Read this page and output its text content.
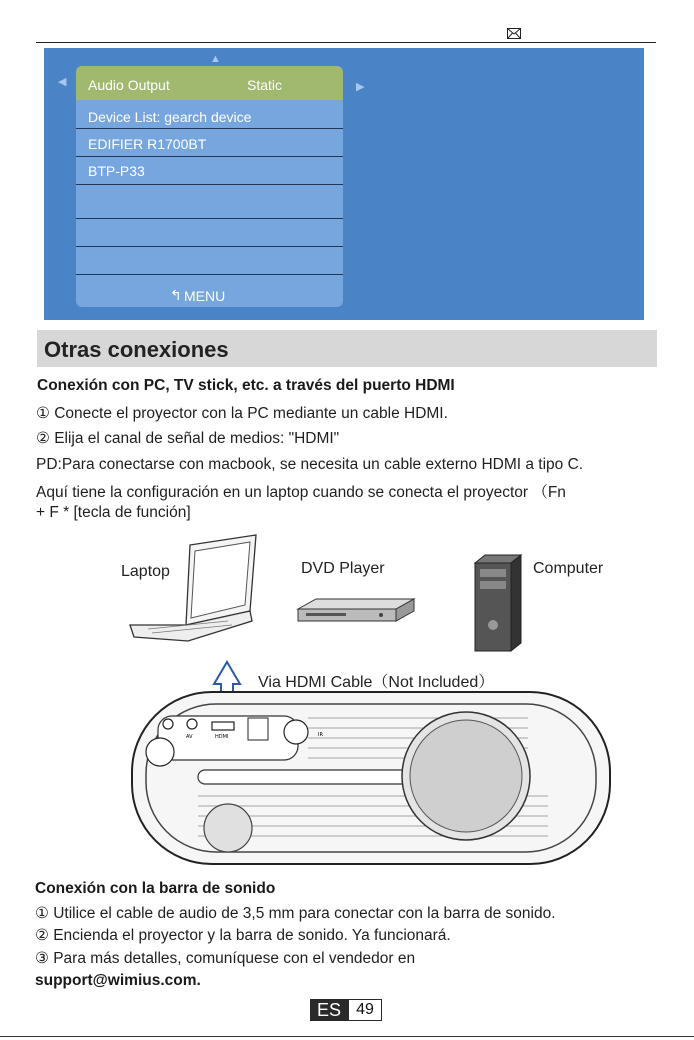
▲
◀	▶
Audio Output	Static
Device List: gearch device
EDIFIER R1700BT
BTP-P33
↰ MENU
Otras conexiones
Conexión con PC, TV stick, etc. a través del puerto HDMI
① Conecte el proyector con la PC mediante un cable HDMI.
② Elija el canal de señal de medios: "HDMI"
PD:Para conectarse con macbook, se necesita un cable externo HDMI a tipo C.
Aquí tiene la configuración en un laptop cuando se conecta el proyector （Fn
+ F * [tecla de función]
Laptop	DVD Player	Computer
Via HDMI Cable（Not Included）
AV	HDMI	IR
Conexión con la barra de sonido
① Utilice el cable de audio de 3,5 mm para conectar con la barra de sonido.
② Encienda el proyector y la barra de sonido. Ya funcionará.
③ Para más detalles, comuníquese con el vendedor en
support@wimius.com.
ES 49
